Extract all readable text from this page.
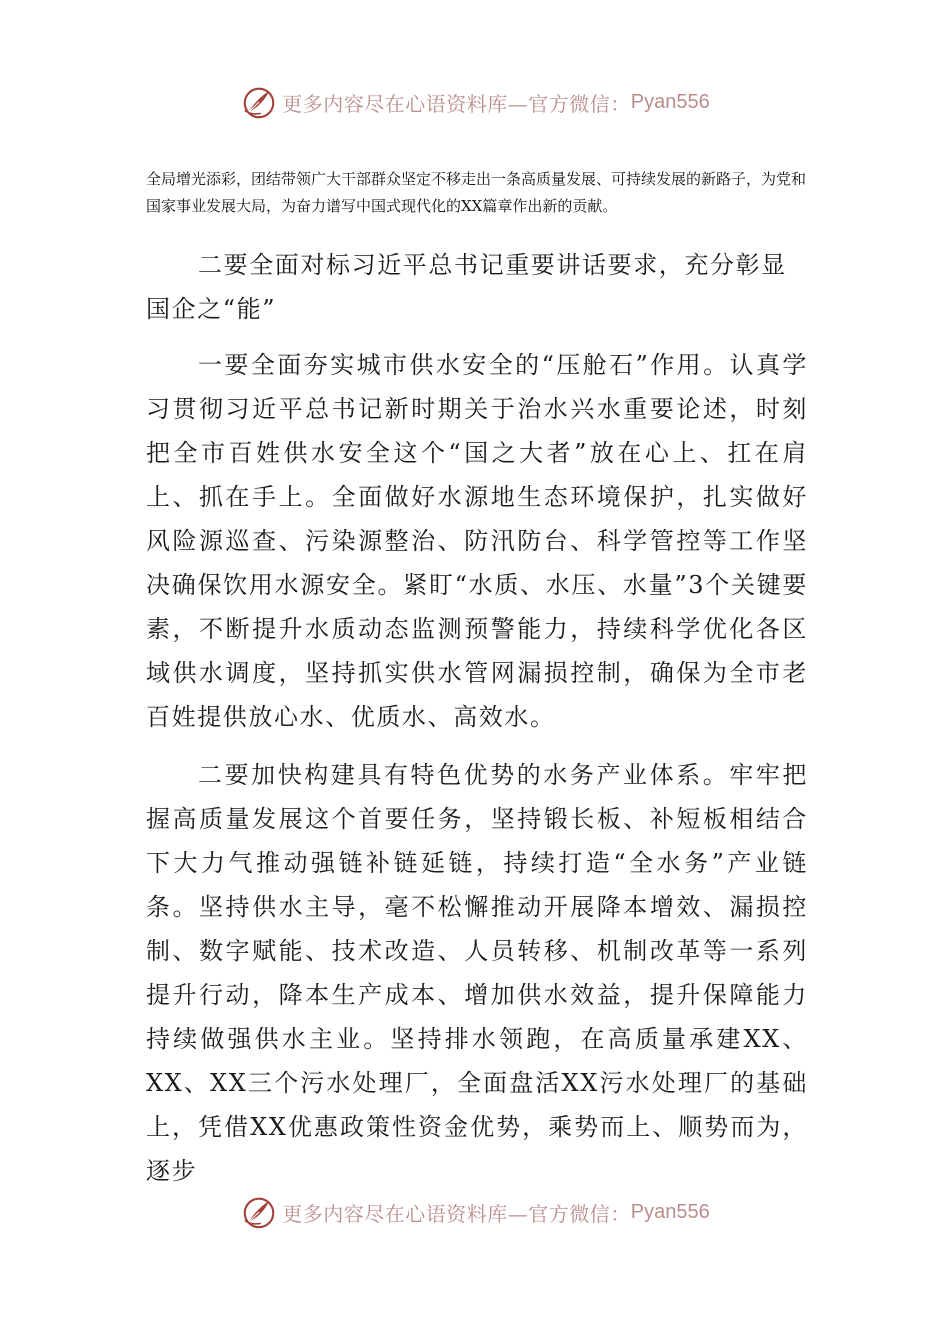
更多内容尽在心语资料库—官方微信： Pyan556

全局增光添彩，团结带领广大干部群众坚定不移走出一条高质量发展、可持续发展的新路子，为党和国家事业发展大局，为奋力谱写中国式现代化的XX篇章作出新的贡献。

二要全面对标习近平总书记重要讲话要求，充分彰显国企之“能”

一要全面夯实城市供水安全的“压舱石”作用。认真学习贯彻习近平总书记新时期关于治水兴水重要论述，时刻把全市百姓供水安全这个“国之大者”放在心上、扛在肩上、抓在手上。全面做好水源地生态环境保护，扎实做好风险源巡查、污染源整治、防汛防台、科学管控等工作坚决确保饮用水源安全。紧盯“水质、水压、水量”3个关键要素，不断提升水质动态监测预警能力，持续科学优化各区域供水调度，坚持抓实供水管网漏损控制，确保为全市老百姓提供放心水、优质水、高效水。

二要加快构建具有特色优势的水务产业体系。牢牢把握高质量发展这个首要任务，坚持锻长板、补短板相结合下大力气推动强链补链延链，持续打造“全水务”产业链条。坚持供水主导，毫不松懈推动开展降本增效、漏损控制、数字赋能、技术改造、人员转移、机制改革等一系列提升行动，降本生产成本、增加供水效益，提升保障能力持续做强供水主业。坚持排水领跑，在高质量承建XX、XX、XX三个污水处理厂，全面盘活XX污水处理厂的基础上，凭借XX优惠政策性资金优势，乘势而上、顺势而为，逐步

更多内容尽在心语资料库—官方微信： Pyan556
